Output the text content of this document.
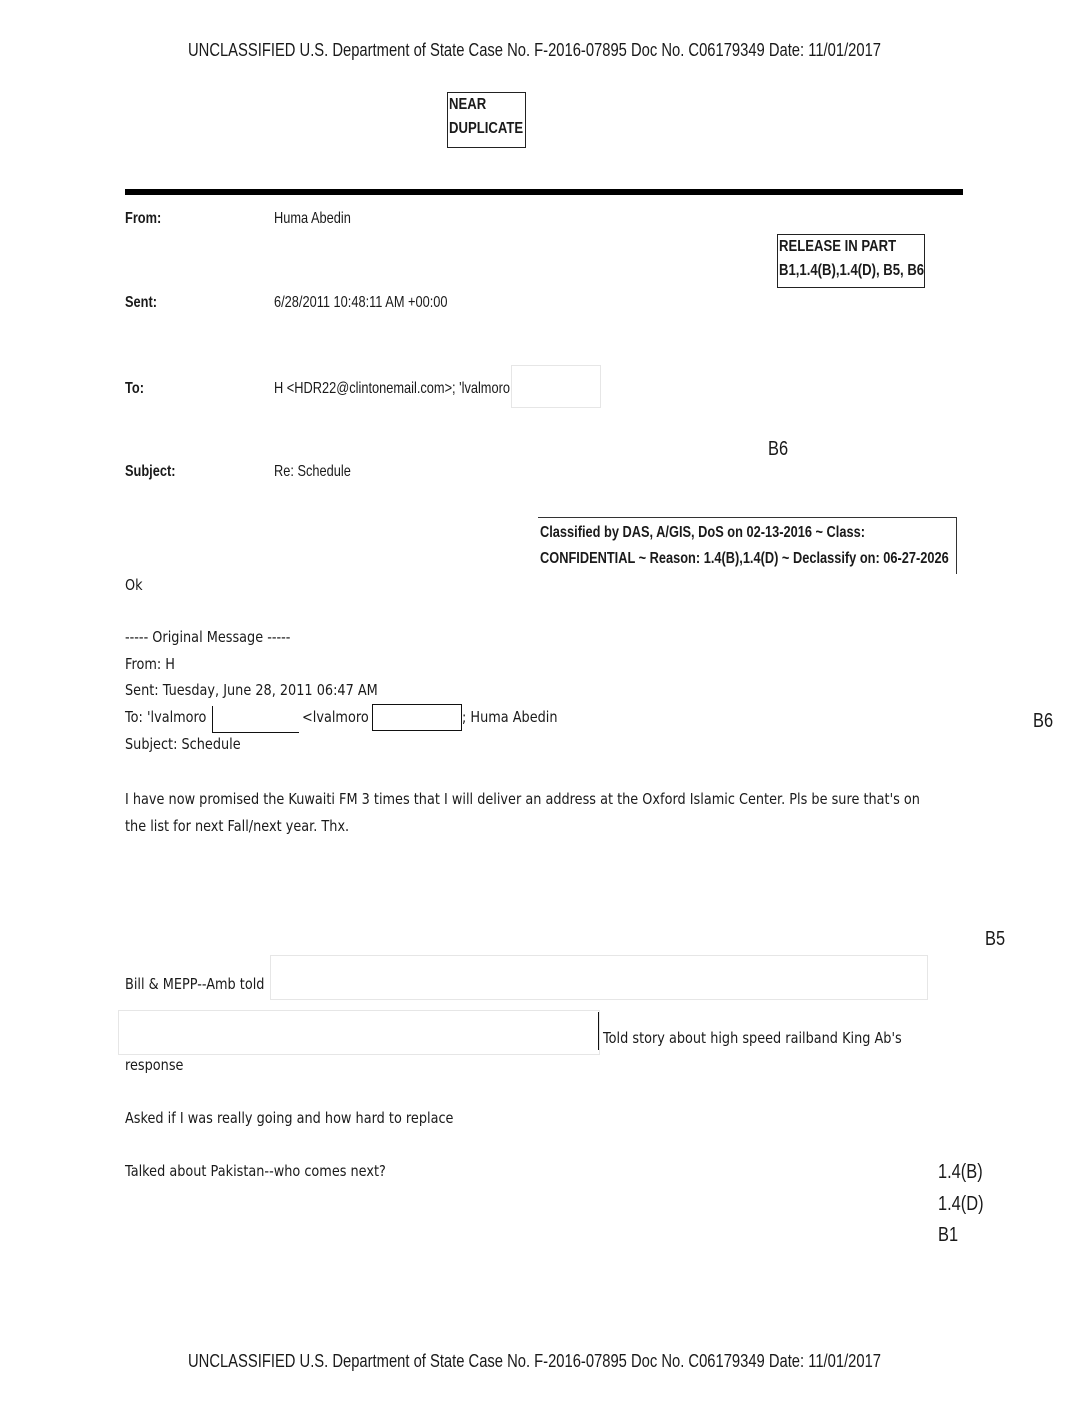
UNCLASSIFIED U.S. Department of State Case No. F-2016-07895 Doc No. C06179349 Date: 11/01/2017
NEAR
DUPLICATE
From:	Huma Abedin
RELEASE IN PART
B1,1.4(B),1.4(D), B5, B6
Sent:	6/28/2011 10:48:11 AM +00:00
To:	H <HDR22@clintonemail.com>; 'lvalmoro
B6
Subject:	Re: Schedule
Classified by DAS, A/GIS, DoS on 02-13-2016 ~ Class:
CONFIDENTIAL ~ Reason: 1.4(B),1.4(D) ~ Declassify on: 06-27-2026
Ok
----- Original Message -----
From: H
Sent: Tuesday, June 28, 2011 06:47 AM
To: 'lvalmoro	<lvalmoro	; Huma Abedin	B6
Subject: Schedule
I have now promised the Kuwaiti FM 3 times that I will deliver an address at the Oxford Islamic Center. Pls be sure that's on
the list for next Fall/next year. Thx.
B5
Bill & MEPP--Amb told
Told story about high speed railband King Ab's
response
Asked if I was really going and how hard to replace
Talked about Pakistan--who comes next?	1.4(B)
1.4(D)
B1
UNCLASSIFIED U.S. Department of State Case No. F-2016-07895 Doc No. C06179349 Date: 11/01/2017
